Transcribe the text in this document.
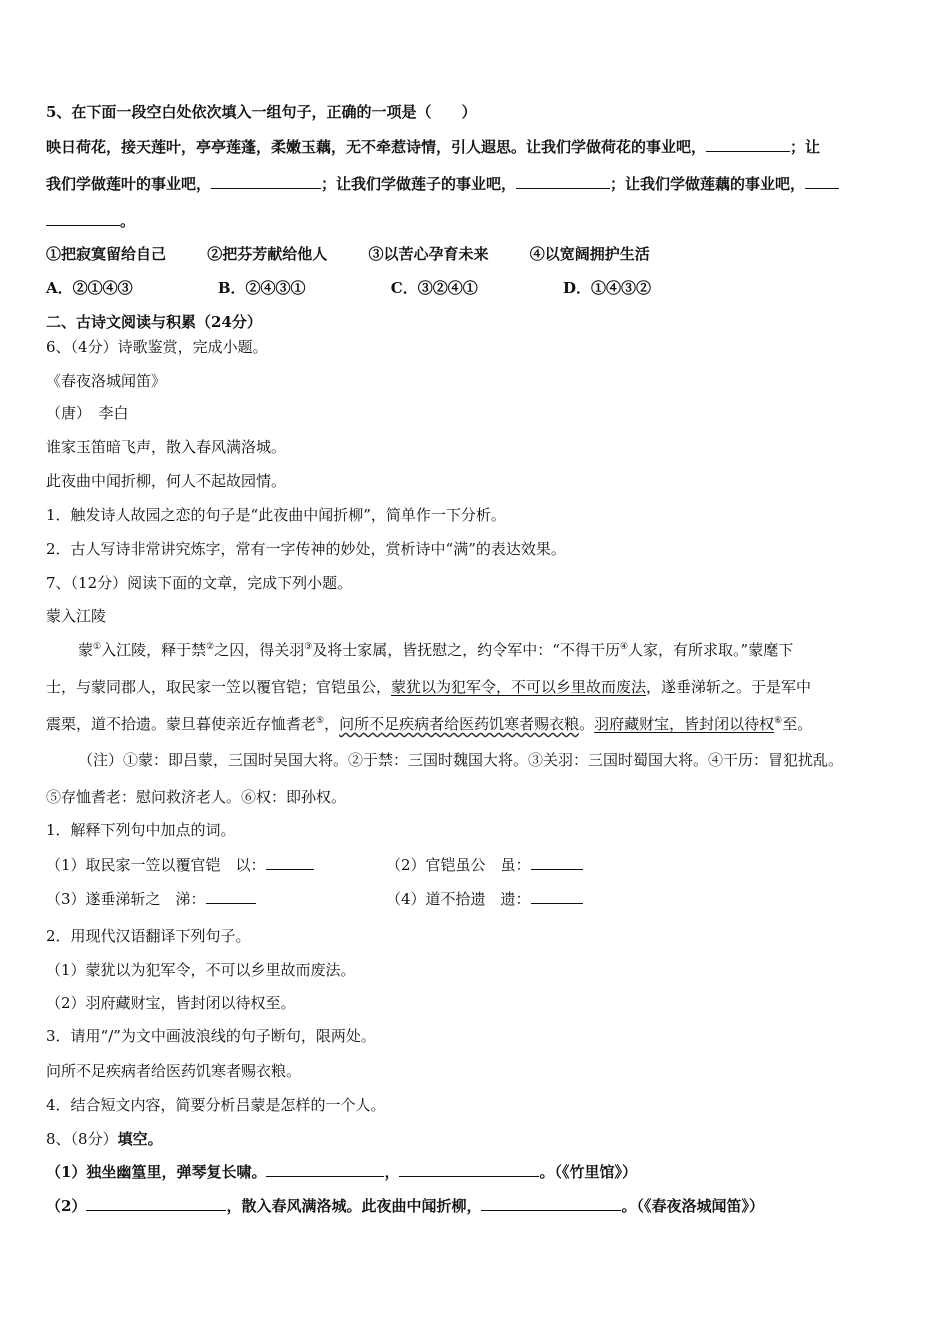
5、在下面一段空白处依次填入一组句子，正确的一项是（　　）
映日荷花，接天莲叶，亭亭莲蓬，柔嫩玉藕，无不牵惹诗情，引人遐思。让我们学做荷花的事业吧，	；让
我们学做莲叶的事业吧，	；让我们学做莲子的事业吧，	；让我们学做莲藕的事业吧，
。
①把寂寞留给自己	②把芬芳献给他人	③以苦心孕育未来	④以宽阔拥护生活
A．②①④③	B．②④③①	C．③②④①	D．①④③②
二、古诗文阅读与积累（24分）
6、（4分）诗歌鉴赏，完成小题。
《春夜洛城闻笛》
（唐）　李白
谁家玉笛暗飞声，散入春风满洛城。
此夜曲中闻折柳，何人不起故园情。
1．触发诗人故园之恋的句子是“此夜曲中闻折柳”，简单作一下分析。
2．古人写诗非常讲究炼字，常有一字传神的妙处，赏析诗中“满”的表达效果。
7、（12分）阅读下面的文章，完成下列小题。
蒙入江陵
蒙①入江陵，释于禁②之囚，得关羽③及将士家属，皆抚慰之，约令军中：“不得干历④人家，有所求取。”蒙麾下
士，与蒙同郡人，取民家一笠以覆官铠；官铠虽公，蒙犹以为犯军令，不可以乡里故而废法，遂垂涕斩之。于是军中
震栗，道不拾遗。蒙旦暮使亲近存恤耆老⑤，问所不足疾病者给医药饥寒者赐衣粮。羽府藏财宝，皆封闭以待权⑥至。
（注）①蒙：即吕蒙，三国时吴国大将。②于禁：三国时魏国大将。③关羽：三国时蜀国大将。④干历：冒犯扰乱。
⑤存恤耆老：慰问救济老人。⑥权：即孙权。
1．解释下列句中加点的词。
（1）取民家一笠以覆官铠　以：	（2）官铠虽公　虽：
（3）遂垂涕斩之　涕：	（4）道不拾遗　遗：
2．用现代汉语翻译下列句子。
（1）蒙犹以为犯军令，不可以乡里故而废法。
（2）羽府藏财宝，皆封闭以待权至。
3．请用“/”为文中画波浪线的句子断句，限两处。
问所不足疾病者给医药饥寒者赐衣粮。
4．结合短文内容，简要分析吕蒙是怎样的一个人。
8、（8分）填空。
（1）独坐幽篁里，弹琴复长啸。	，	。（《竹里馆》）
（2）	，散入春风满洛城。此夜曲中闻折柳，	。（《春夜洛城闻笛》）
